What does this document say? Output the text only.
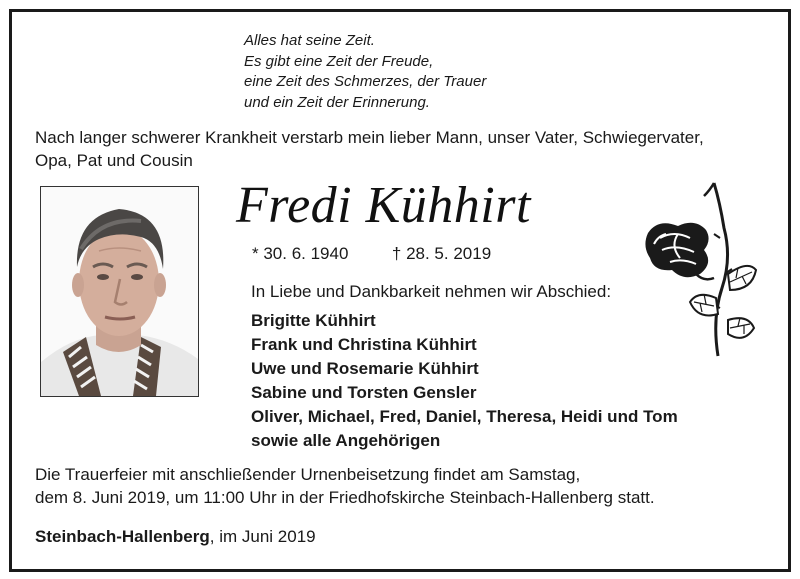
Alles hat seine Zeit.
Es gibt eine Zeit der Freude,
eine Zeit des Schmerzes, der Trauer
und ein Zeit der Erinnerung.
Nach langer schwerer Krankheit verstarb mein lieber Mann, unser Vater, Schwiegervater,
Opa, Pat und Cousin
Fredi Kühhirt
* 30. 6. 1940	† 28. 5. 2019
In Liebe und Dankbarkeit nehmen wir Abschied:
Brigitte Kühhirt
Frank und Christina Kühhirt
Uwe und Rosemarie Kühhirt
Sabine und Torsten Gensler
Oliver, Michael, Fred, Daniel, Theresa, Heidi und Tom
sowie alle Angehörigen
Die Trauerfeier mit anschließender Urnenbeisetzung findet am Samstag,
dem 8. Juni 2019, um 11:00 Uhr in der Friedhofskirche Steinbach-Hallenberg statt.
Steinbach-Hallenberg, im Juni 2019
